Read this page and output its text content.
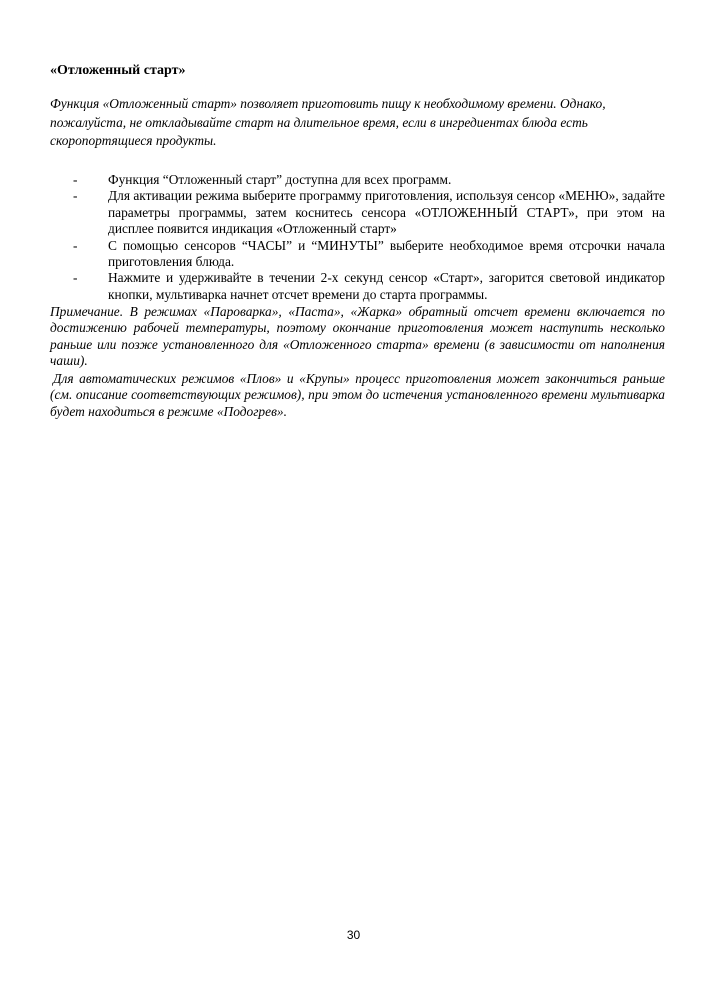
«Отложенный старт»
Функция «Отложенный старт» позволяет приготовить пищу к необходимому времени. Однако, пожалуйста, не откладывайте старт на длительное время, если в ингредиентах блюда есть скоропортящиеся продукты.
- Функция “Отложенный старт” доступна для всех программ.
- Для активации режима выберите программу приготовления, используя сенсор «МЕНЮ», задайте параметры программы, затем коснитесь сенсора «ОТЛОЖЕННЫЙ СТАРТ», при этом на дисплее появится индикация «Отложенный старт»
- С помощью сенсоров “ЧАСЫ” и “МИНУТЫ” выберите необходимое время отсрочки начала приготовления блюда.
- Нажмите и удерживайте в течении 2-х секунд сенсор «Старт», загорится световой индикатор кнопки, мультиварка начнет отсчет времени до старта программы.
Примечание. В режимах «Пароварка», «Паста», «Жарка» обратный отсчет времени включается по достижению рабочей температуры, поэтому окончание приготовления может наступить несколько раньше или позже установленного для «Отложенного старта» времени (в зависимости от наполнения чаши).
Для автоматических режимов «Плов» и «Крупы» процесс приготовления может закончиться раньше (см. описание соответствующих режимов), при этом до истечения установленного времени мультиварка будет находиться в режиме «Подогрев».
30
